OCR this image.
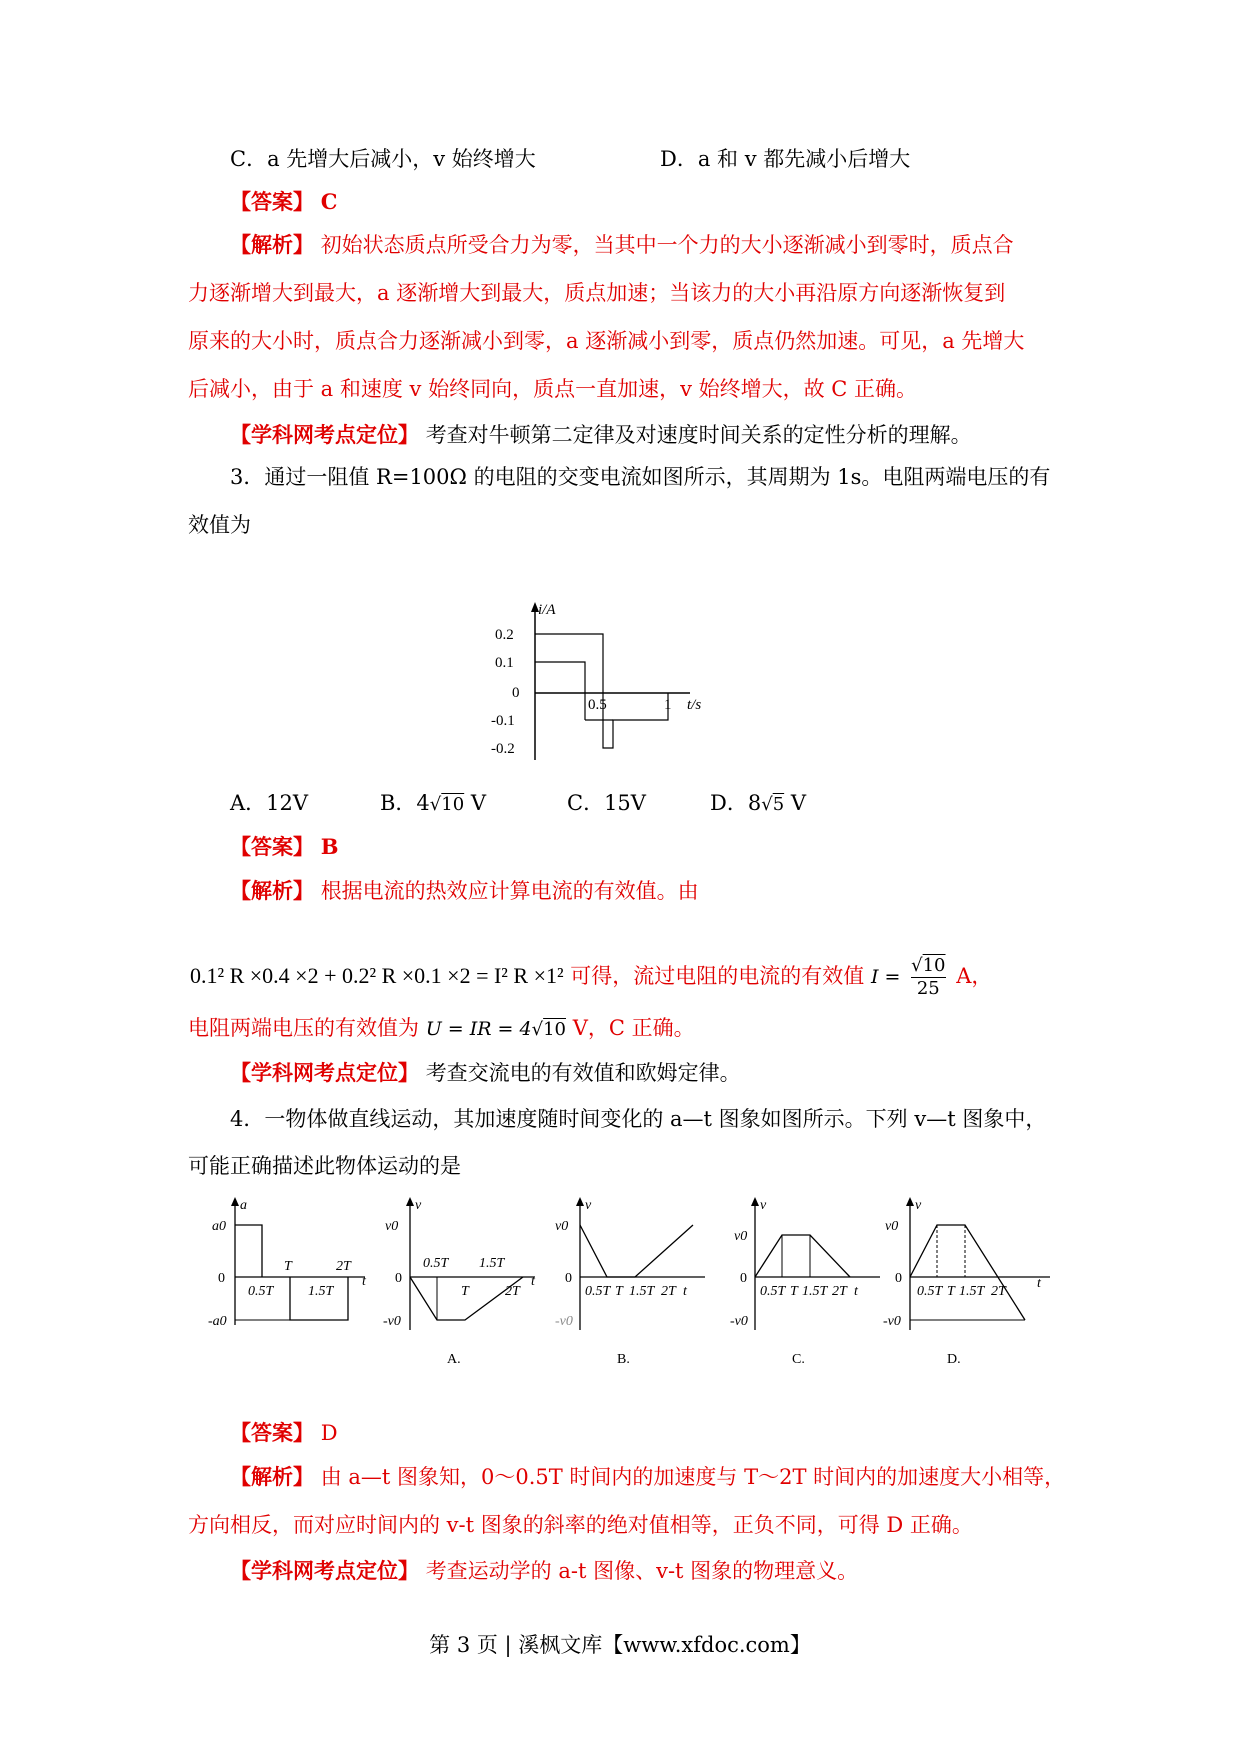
C．a 先增大后减小，v 始终增大	D．a 和 v 都先减小后增大
【答案】 C
【解析】 初始状态质点所受合力为零，当其中一个力的大小逐渐减小到零时，质点合
力逐渐增大到最大，a 逐渐增大到最大，质点加速；当该力的大小再沿原方向逐渐恢复到
原来的大小时，质点合力逐渐减小到零，a 逐渐减小到零，质点仍然加速。可见，a 先增大
后减小，由于 a 和速度 v 始终同向，质点一直加速，v 始终增大，故 C 正确。
【学科网考点定位】 考查对牛顿第二定律及对速度时间关系的定性分析的理解。
3．通过一阻值 R=100Ω 的电阻的交变电流如图所示，其周期为 1s。电阻两端电压的有
效值为
i/A
0.2
0.1
0
-0.1
-0.2
0.5	1 t/s
A．12V	B．4√10 V	C．15V	D．8√5 V
【答案】 B
【解析】 根据电流的热效应计算电流的有效值。由
0.1² R ×0.4 ×2 + 0.2² R ×0.1 ×2 = I² R ×1² 可得，流过电阻的电流的有效值 $I = \frac{√10}{25}$ A，
电阻两端电压的有效值为 U = IR = 4√10 V，C 正确。
【学科网考点定位】 考查交流电的有效值和欧姆定律。
4．一物体做直线运动，其加速度随时间变化的 a—t 图象如图所示。下列 v—t 图象中，
可能正确描述此物体运动的是
a
a0
0
-a0
T	2T
0.5T 1.5T
t
v
v0
0
-v0
0.5T 1.5T
T	2T
t
A.
v
v0
0
-v0
0.5T T 1.5T 2T t
B.
v
v0
0
-v0
0.5T T 1.5T 2T t
C.
v
v0
0
-v0
0.5T T 1.5T 2T
t
D.
【答案】 D
【解析】 由 a—t 图象知，0～0.5T 时间内的加速度与 T～2T 时间内的加速度大小相等，
方向相反，而对应时间内的 v-t 图象的斜率的绝对值相等，正负不同，可得 D 正确。
【学科网考点定位】 考查运动学的 a-t 图像、v-t 图象的物理意义。
第 3 页 | 溪枫文库【www.xfdoc.com】
